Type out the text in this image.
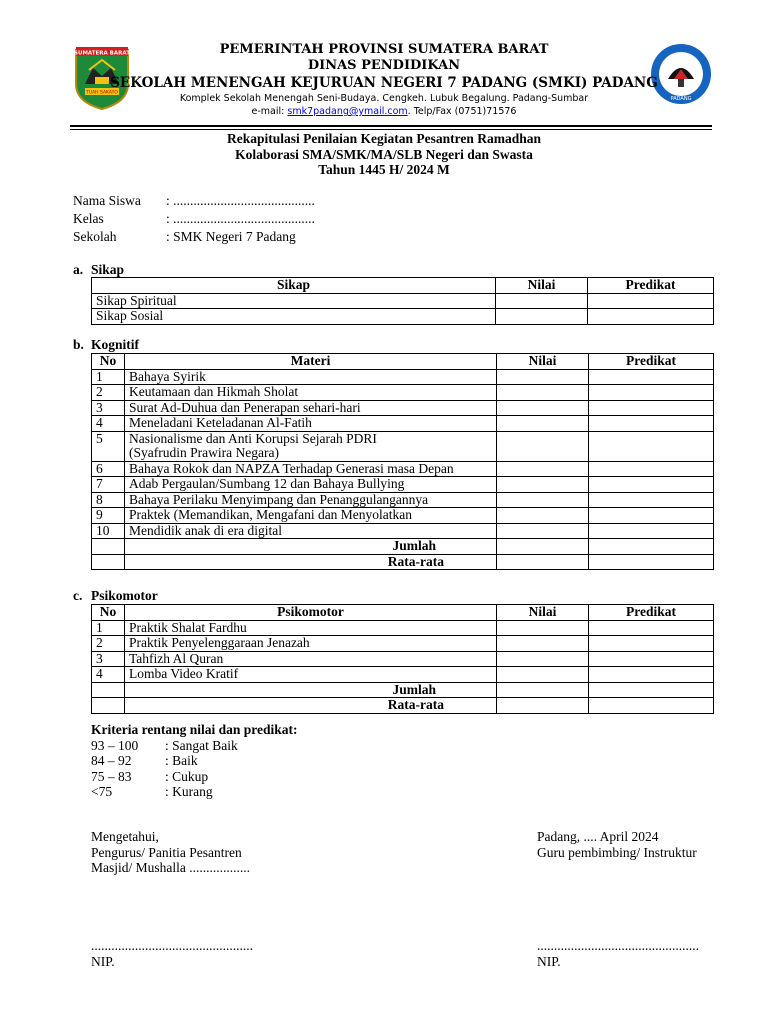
SUMATERA BARAT
TUAH SAKATO
PADANG
PEMERINTAH PROVINSI SUMATERA BARAT
DINAS PENDIDIKAN
SEKOLAH MENENGAH KEJURUAN NEGERI 7 PADANG (SMKI) PADANG
Komplek Sekolah Menengah Seni-Budaya. Cengkeh. Lubuk Begalung. Padang-Sumbar
e-mail: smk7padang@ymail.com. Telp/Fax (0751)71576
Rekapitulasi Penilaian Kegiatan Pesantren Ramadhan
Kolaborasi SMA/SMK/MA/SLB Negeri dan Swasta
Tahun 1445 H/ 2024 M
Nama Siswa	: ..........................................
Kelas	: ..........................................
Sekolah	: SMK Negeri 7 Padang
a. Sikap
Sikap	Nilai	Predikat
Sikap Spiritual		
Sikap Sosial		
b. Kognitif
No	Materi	Nilai	Predikat
1	Bahaya Syirik		
2	Keutamaan dan Hikmah Sholat		
3	Surat Ad-Duhua dan Penerapan sehari-hari		
4	Meneladani Keteladanan Al-Fatih		
5	Nasionalisme dan Anti Korupsi Sejarah PDRI
(Syafrudin Prawira Negara)		

6	Bahaya Rokok dan NAPZA Terhadap Generasi masa Depan		
7	Adab Pergaulan/Sumbang 12 dan Bahaya Bullying		
8	Bahaya Perilaku Menyimpang dan Penanggulangannya		
9	Praktek (Memandikan, Mengafani dan Menyolatkan		
10	Mendidik anak di era digital		
	Jumlah		
	Rata-rata		
c. Psikomotor
No	Psikomotor	Nilai	Predikat
1	Praktik Shalat Fardhu		
2	Praktik Penyelenggaraan Jenazah		
3	Tahfizh Al Quran		
4	Lomba Video Kratif		
	Jumlah		
	Rata-rata		
Kriteria rentang nilai dan predikat:
93 – 100	: Sangat Baik
84 – 92	: Baik
75 – 83	: Cukup
<75	: Kurang
Mengetahui,
Pengurus/ Panitia Pesantren
Masjid/ Mushalla ..................
................................................
NIP.
Padang, .... April 2024
Guru pembimbing/ Instruktur
................................................
NIP.
